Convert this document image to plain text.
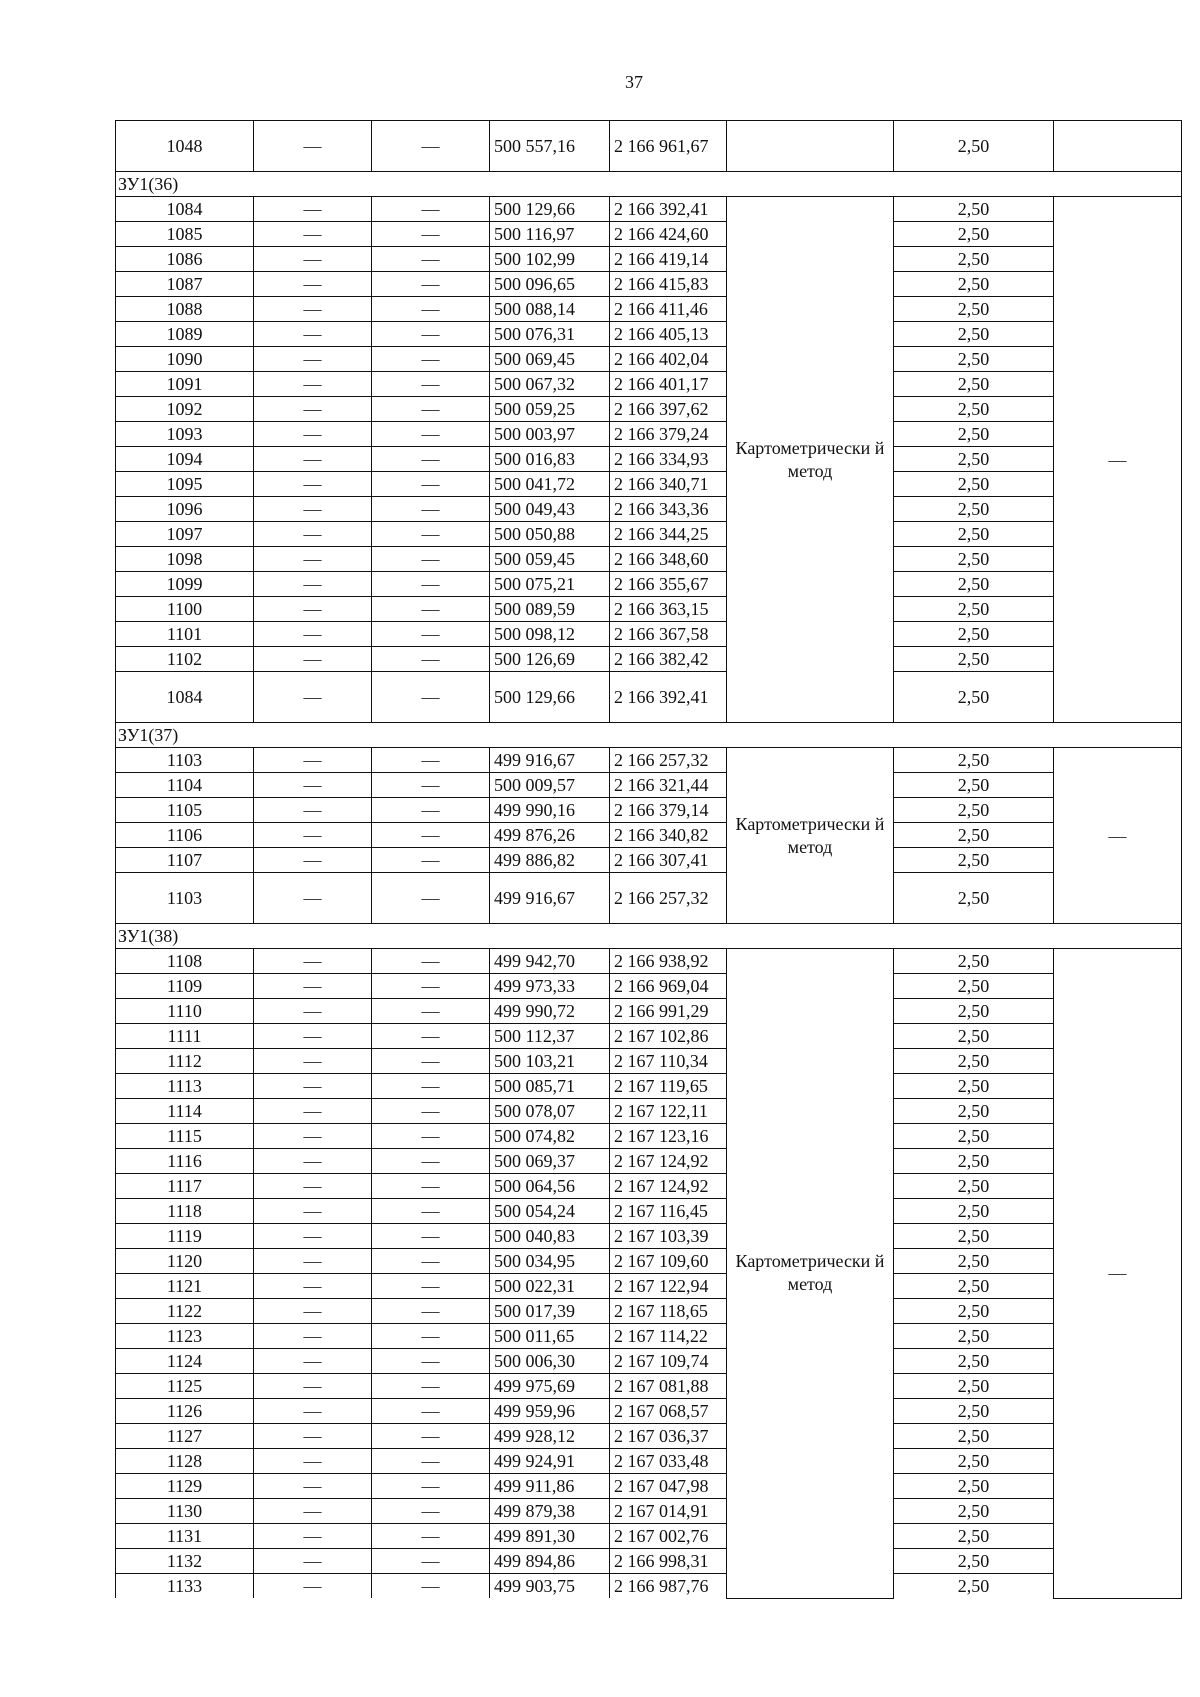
37
1048	—	—	500 557,16	2 166 961,67		2,50	
ЗУ1(36)							
1084	—	—	500 129,66	2 166 392,41	Картометрически й метод	2,50	—
1085	—	—	500 116,97	2 166 424,60		2,50	
1086	—	—	500 102,99	2 166 419,14		2,50	
1087	—	—	500 096,65	2 166 415,83		2,50	
1088	—	—	500 088,14	2 166 411,46		2,50	
1089	—	—	500 076,31	2 166 405,13		2,50	
1090	—	—	500 069,45	2 166 402,04		2,50	
1091	—	—	500 067,32	2 166 401,17		2,50	
1092	—	—	500 059,25	2 166 397,62		2,50	
1093	—	—	500 003,97	2 166 379,24		2,50	
1094	—	—	500 016,83	2 166 334,93		2,50	
1095	—	—	500 041,72	2 166 340,71		2,50	
1096	—	—	500 049,43	2 166 343,36		2,50	
1097	—	—	500 050,88	2 166 344,25		2,50	
1098	—	—	500 059,45	2 166 348,60		2,50	
1099	—	—	500 075,21	2 166 355,67		2,50	
1100	—	—	500 089,59	2 166 363,15		2,50	
1101	—	—	500 098,12	2 166 367,58		2,50	
1102	—	—	500 126,69	2 166 382,42		2,50	
1084	—	—	500 129,66	2 166 392,41		2,50	
ЗУ1(37)							
1103	—	—	499 916,67	2 166 257,32	Картометрически й метод	2,50	—
1104	—	—	500 009,57	2 166 321,44		2,50	
1105	—	—	499 990,16	2 166 379,14		2,50	
1106	—	—	499 876,26	2 166 340,82		2,50	
1107	—	—	499 886,82	2 166 307,41		2,50	
1103	—	—	499 916,67	2 166 257,32		2,50	
ЗУ1(38)							
1108	—	—	499 942,70	2 166 938,92	Картометрически й метод	2,50	—
1109	—	—	499 973,33	2 166 969,04		2,50	
1110	—	—	499 990,72	2 166 991,29		2,50	
1111	—	—	500 112,37	2 167 102,86		2,50	
1112	—	—	500 103,21	2 167 110,34		2,50	
1113	—	—	500 085,71	2 167 119,65		2,50	
1114	—	—	500 078,07	2 167 122,11		2,50	
1115	—	—	500 074,82	2 167 123,16		2,50	
1116	—	—	500 069,37	2 167 124,92		2,50	
1117	—	—	500 064,56	2 167 124,92		2,50	
1118	—	—	500 054,24	2 167 116,45		2,50	
1119	—	—	500 040,83	2 167 103,39		2,50	
1120	—	—	500 034,95	2 167 109,60		2,50	
1121	—	—	500 022,31	2 167 122,94		2,50	
1122	—	—	500 017,39	2 167 118,65		2,50	
1123	—	—	500 011,65	2 167 114,22		2,50	
1124	—	—	500 006,30	2 167 109,74		2,50	
1125	—	—	499 975,69	2 167 081,88		2,50	
1126	—	—	499 959,96	2 167 068,57		2,50	
1127	—	—	499 928,12	2 167 036,37		2,50	
1128	—	—	499 924,91	2 167 033,48		2,50	
1129	—	—	499 911,86	2 167 047,98		2,50	
1130	—	—	499 879,38	2 167 014,91		2,50	
1131	—	—	499 891,30	2 167 002,76		2,50	
1132	—	—	499 894,86	2 166 998,31		2,50	
1133	—	—	499 903,75	2 166 987,76		2,50	
